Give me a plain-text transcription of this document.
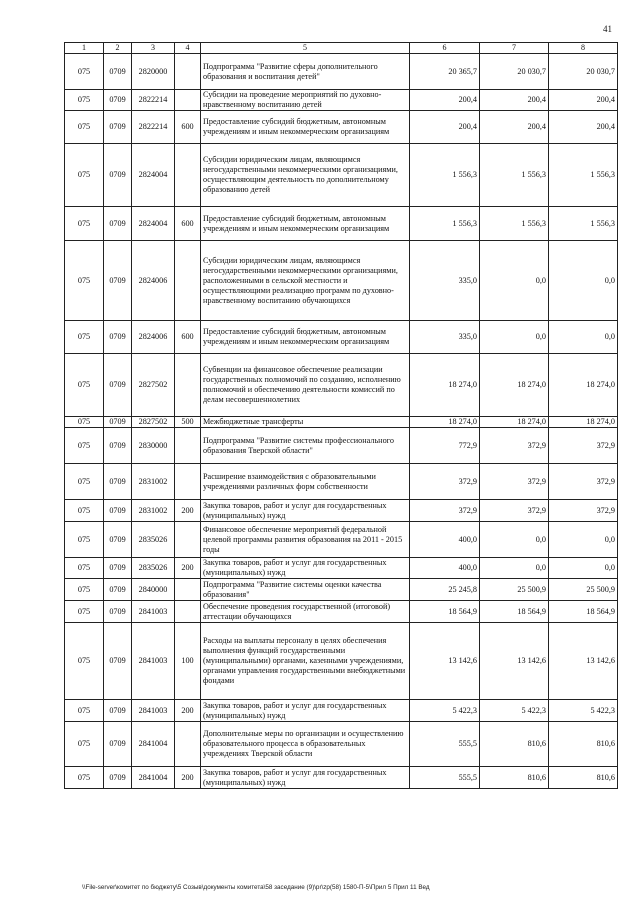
41
1	2	3	4	5	6	7	8
075	0709	2820000		Подпрограмма "Развитие сферы дополнительного образования и воспитания детей"	20 365,7	20 030,7	20 030,7
075	0709	2822214		Субсидии на проведение мероприятий по духовно-нравственному воспитанию детей	200,4	200,4	200,4
075	0709	2822214	600	Предоставление субсидий бюджетным, автономным учреждениям и иным некоммерческим организациям	200,4	200,4	200,4
075	0709	2824004		Субсидии юридическим лицам, являющимся негосударственными некоммерческими организациями, осуществляющим деятельность по дополнительному образованию детей	1 556,3	1 556,3	1 556,3
075	0709	2824004	600	Предоставление субсидий бюджетным, автономным учреждениям и иным некоммерческим организациям	1 556,3	1 556,3	1 556,3
075	0709	2824006		Субсидии юридическим лицам, являющимся негосударственными некоммерческими организациями, расположенными в сельской местности и осуществляющими реализацию программ по духовно-нравственному воспитанию обучающихся	335,0	0,0	0,0
075	0709	2824006	600	Предоставление субсидий бюджетным, автономным учреждениям и иным некоммерческим организациям	335,0	0,0	0,0
075	0709	2827502		Субвенции на финансовое обеспечение реализации государственных полномочий по созданию, исполнению полномочий и обеспечению деятельности комиссий по делам несовершеннолетних	18 274,0	18 274,0	18 274,0
075	0709	2827502	500	Межбюджетные трансферты	18 274,0	18 274,0	18 274,0
075	0709	2830000		Подпрограмма "Развитие системы профессионального образования Тверской области"	772,9	372,9	372,9
075	0709	2831002		Расширение взаимодействия с образовательными учреждениями различных форм собственности	372,9	372,9	372,9
075	0709	2831002	200	Закупка товаров, работ и услуг для государственных (муниципальных) нужд	372,9	372,9	372,9
075	0709	2835026		Финансовое обеспечение мероприятий федеральной целевой программы развития образования на 2011 - 2015 годы	400,0	0,0	0,0
075	0709	2835026	200	Закупка товаров, работ и услуг для государственных (муниципальных) нужд	400,0	0,0	0,0
075	0709	2840000		Подпрограмма "Развитие системы оценки качества образования"	25 245,8	25 500,9	25 500,9
075	0709	2841003		Обеспечение проведения государственной (итоговой) аттестации обучающихся	18 564,9	18 564,9	18 564,9
075	0709	2841003	100	Расходы на выплаты персоналу в целях обеспечения выполнения функций государственными (муниципальными) органами, казенными учреждениями, органами управления государственными внебюджетными фондами	13 142,6	13 142,6	13 142,6
075	0709	2841003	200	Закупка товаров, работ и услуг для государственных (муниципальных) нужд	5 422,3	5 422,3	5 422,3
075	0709	2841004		Дополнительные меры по организации и осуществлению образовательного процесса в образовательных учреждениях Тверской области	555,5	810,6	810,6
075	0709	2841004	200	Закупка товаров, работ и услуг для государственных (муниципальных) нужд	555,5	810,6	810,6
\\File-server\комитет по бюджету\5 Созыв\документы комитета\58 заседание (9)\pr\zp(58) 1580-П-5\Прил 5 Прил 11 Вед
